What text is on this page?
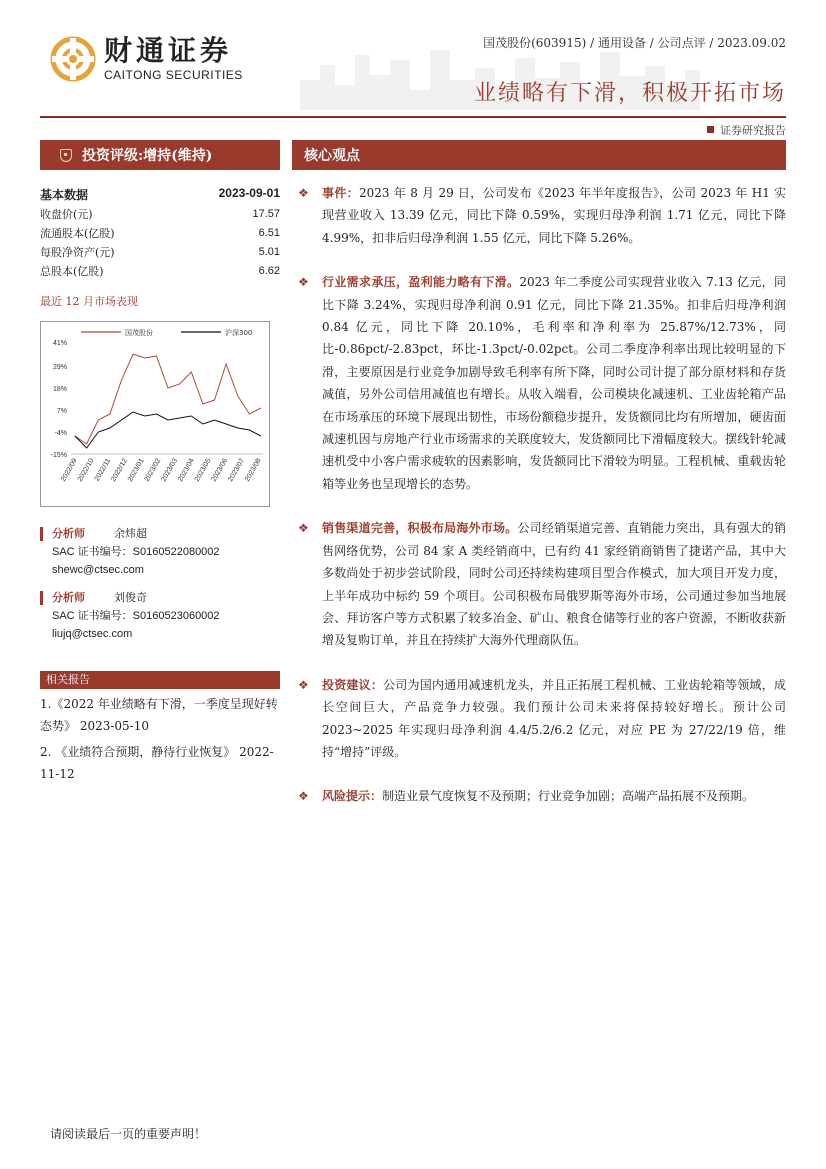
财通证券
CAITONG SECURITIES
国茂股份(603915) / 通用设备 / 公司点评 / 2023.09.02
业绩略有下滑，积极开拓市场
证券研究报告
投资评级:增持(维持)
基本数据	2023-09-01
收盘价(元)	17.57
流通股本(亿股)	6.51
每股净资产(元)	5.01
总股本(亿股)	6.62
最近 12 月市场表现
国茂股份	沪深300
41%
29%
18%
7%
-4%
-15%
2022/09
2022/10
2022/11
2022/12
2023/01
2023/02
2023/03
2023/04
2023/05
2023/06
2023/07
2023/08
分析师	余炜超
SAC 证书编号：S0160522080002
shewc@ctsec.com
分析师	刘俊奇
SAC 证书编号：S0160523060002
liujq@ctsec.com
相关报告
1.《2022 年业绩略有下滑，一季度呈现好转态势》 2023-05-10
2. 《业绩符合预期，静待行业恢复》 2022-11-12
核心观点
❖ 事件：2023 年 8 月 29 日，公司发布《2023 年半年度报告》，公司 2023 年 H1 实现营业收入 13.39 亿元，同比下降 0.59%，实现归母净利润 1.71 亿元，同比下降 4.99%，扣非后归母净利润 1.55 亿元，同比下降 5.26%。
❖ 行业需求承压，盈利能力略有下滑。2023 年二季度公司实现营业收入 7.13 亿元，同比下降 3.24%，实现归母净利润 0.91 亿元，同比下降 21.35%。扣非后归母净利润 0.84 亿元，同比下降 20.10%，毛利率和净利率为 25.87%/12.73%，同比-0.86pct/-2.83pct，环比-1.3pct/-0.02pct。公司二季度净利率出现比较明显的下滑，主要原因是行业竞争加剧导致毛利率有所下降，同时公司计提了部分原材料和存货减值，另外公司信用减值也有增长。从收入端看，公司模块化减速机、工业齿轮箱产品在市场承压的环境下展现出韧性，市场份额稳步提升，发货额同比均有所增加，硬齿面减速机因与房地产行业市场需求的关联度较大，发货额同比下滑幅度较大。摆线针轮减速机受中小客户需求疲软的因素影响，发货额同比下滑较为明显。工程机械、重载齿轮箱等业务也呈现增长的态势。
❖ 销售渠道完善，积极布局海外市场。公司经销渠道完善、直销能力突出，具有强大的销售网络优势，公司 84 家 A 类经销商中，已有约 41 家经销商销售了捷诺产品，其中大多数尚处于初步尝试阶段，同时公司还持续构建项目型合作模式，加大项目开发力度，上半年成功中标约 59 个项目。公司积极布局俄罗斯等海外市场，公司通过参加当地展会、拜访客户等方式积累了较多冶金、矿山、粮食仓储等行业的客户资源，不断收获新增及复购订单，并且在持续扩大海外代理商队伍。
❖ 投资建议：公司为国内通用减速机龙头，并且正拓展工程机械、工业齿轮箱等领域，成长空间巨大，产品竞争力较强。我们预计公司未来将保持较好增长。预计公司 2023~2025 年实现归母净利润 4.4/5.2/6.2 亿元，对应 PE 为 27/22/19 倍，维持“增持”评级。
❖ 风险提示：制造业景气度恢复不及预期；行业竞争加剧；高端产品拓展不及预期。
请阅读最后一页的重要声明！
